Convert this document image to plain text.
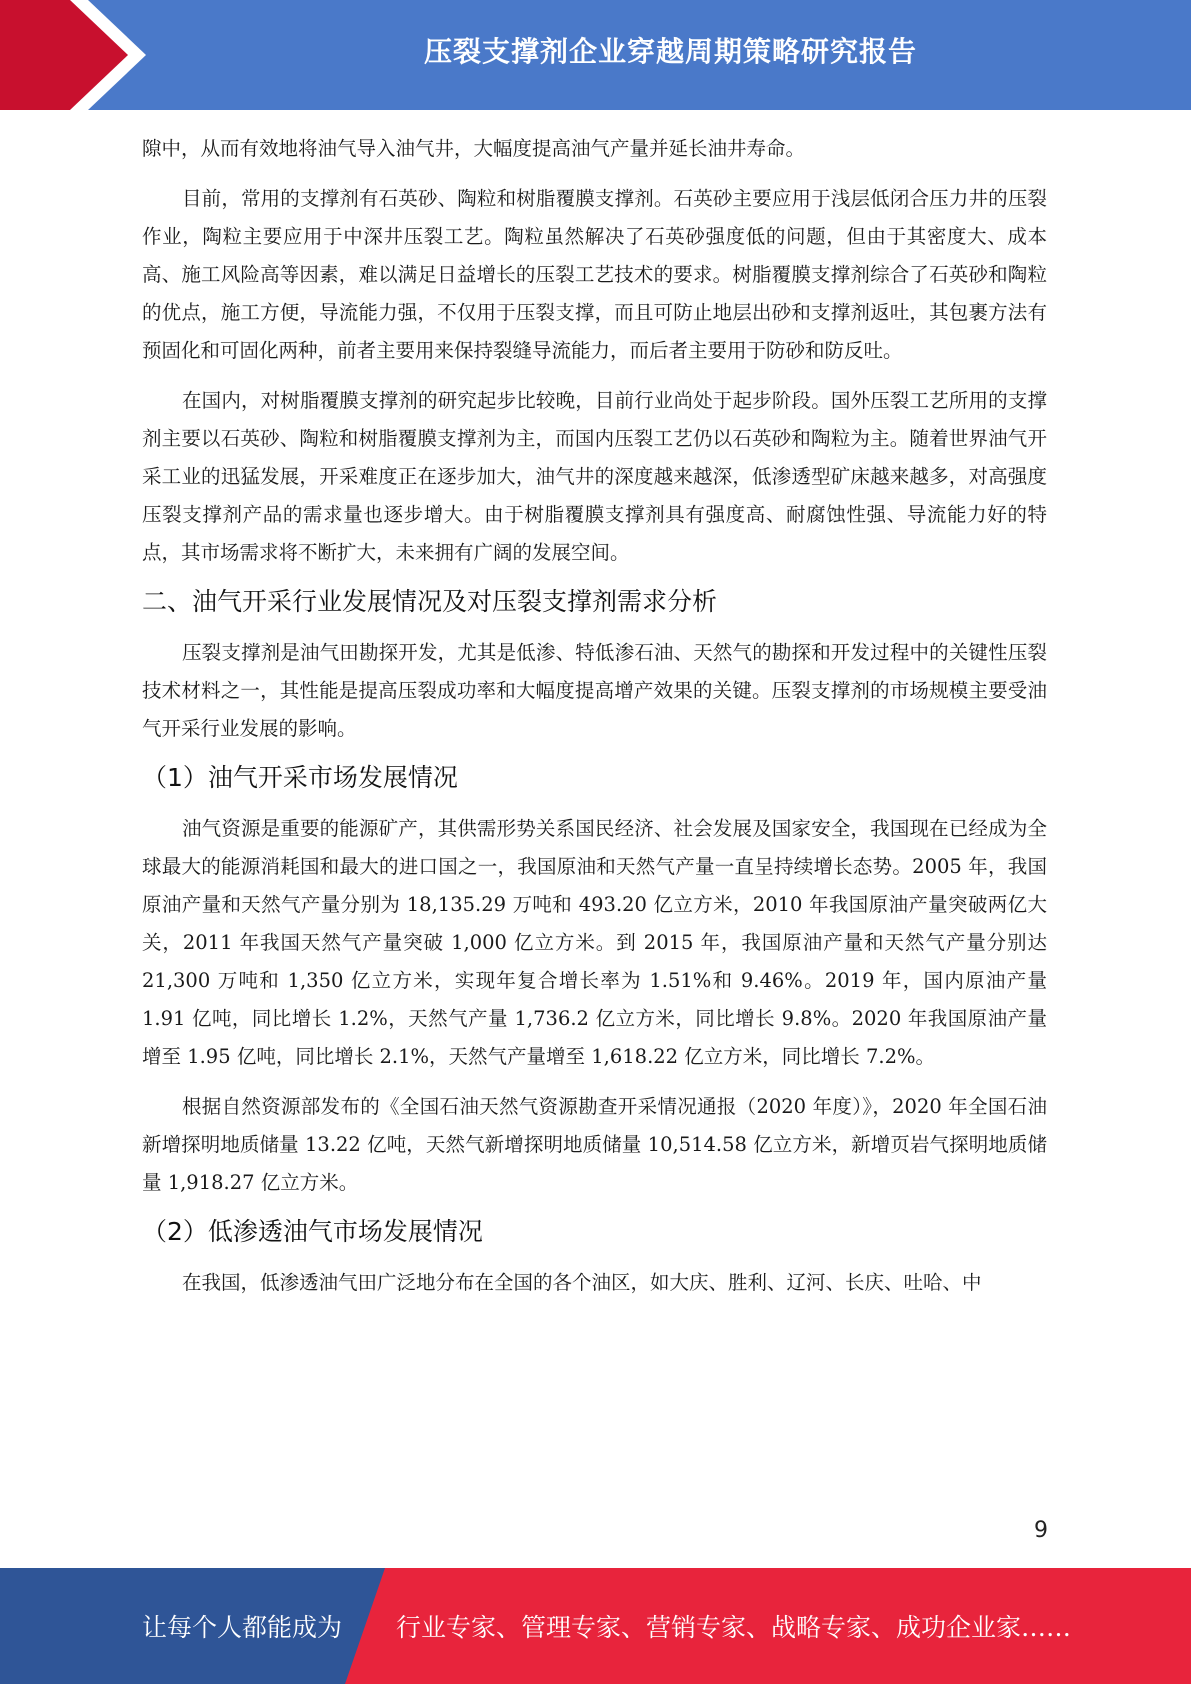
压裂支撑剂企业穿越周期策略研究报告

隙中，从而有效地将油气导入油气井，大幅度提高油气产量并延长油井寿命。

目前，常用的支撑剂有石英砂、陶粒和树脂覆膜支撑剂。石英砂主要应用于浅层低闭合压力井的压裂作业，陶粒主要应用于中深井压裂工艺。陶粒虽然解决了石英砂强度低的问题，但由于其密度大、成本高、施工风险高等因素，难以满足日益增长的压裂工艺技术的要求。树脂覆膜支撑剂综合了石英砂和陶粒的优点，施工方便，导流能力强，不仅用于压裂支撑，而且可防止地层出砂和支撑剂返吐，其包裹方法有预固化和可固化两种，前者主要用来保持裂缝导流能力，而后者主要用于防砂和防反吐。

在国内，对树脂覆膜支撑剂的研究起步比较晚，目前行业尚处于起步阶段。国外压裂工艺所用的支撑剂主要以石英砂、陶粒和树脂覆膜支撑剂为主，而国内压裂工艺仍以石英砂和陶粒为主。随着世界油气开采工业的迅猛发展，开采难度正在逐步加大，油气井的深度越来越深，低渗透型矿床越来越多，对高强度压裂支撑剂产品的需求量也逐步增大。由于树脂覆膜支撑剂具有强度高、耐腐蚀性强、导流能力好的特点，其市场需求将不断扩大，未来拥有广阔的发展空间。

二、油气开采行业发展情况及对压裂支撑剂需求分析

压裂支撑剂是油气田勘探开发，尤其是低渗、特低渗石油、天然气的勘探和开发过程中的关键性压裂技术材料之一，其性能是提高压裂成功率和大幅度提高增产效果的关键。压裂支撑剂的市场规模主要受油气开采行业发展的影响。

（1）油气开采市场发展情况

油气资源是重要的能源矿产，其供需形势关系国民经济、社会发展及国家安全，我国现在已经成为全球最大的能源消耗国和最大的进口国之一，我国原油和天然气产量一直呈持续增长态势。2005 年，我国原油产量和天然气产量分别为 18,135.29 万吨和 493.20 亿立方米，2010 年我国原油产量突破两亿大关，2011 年我国天然气产量突破 1,000 亿立方米。到 2015 年，我国原油产量和天然气产量分别达 21,300 万吨和 1,350 亿立方米，实现年复合增长率为 1.51%和 9.46%。2019 年，国内原油产量 1.91 亿吨，同比增长 1.2%，天然气产量 1,736.2 亿立方米，同比增长 9.8%。2020 年我国原油产量增至 1.95 亿吨，同比增长 2.1%，天然气产量增至 1,618.22 亿立方米，同比增长 7.2%。

根据自然资源部发布的《全国石油天然气资源勘查开采情况通报（2020 年度）》，2020 年全国石油新增探明地质储量 13.22 亿吨，天然气新增探明地质储量 10,514.58 亿立方米，新增页岩气探明地质储量 1,918.27 亿立方米。

（2）低渗透油气市场发展情况

在我国，低渗透油气田广泛地分布在全国的各个油区，如大庆、胜利、辽河、长庆、吐哈、中

9
让每个人都能成为 行业专家、管理专家、营销专家、战略专家、成功企业家……
